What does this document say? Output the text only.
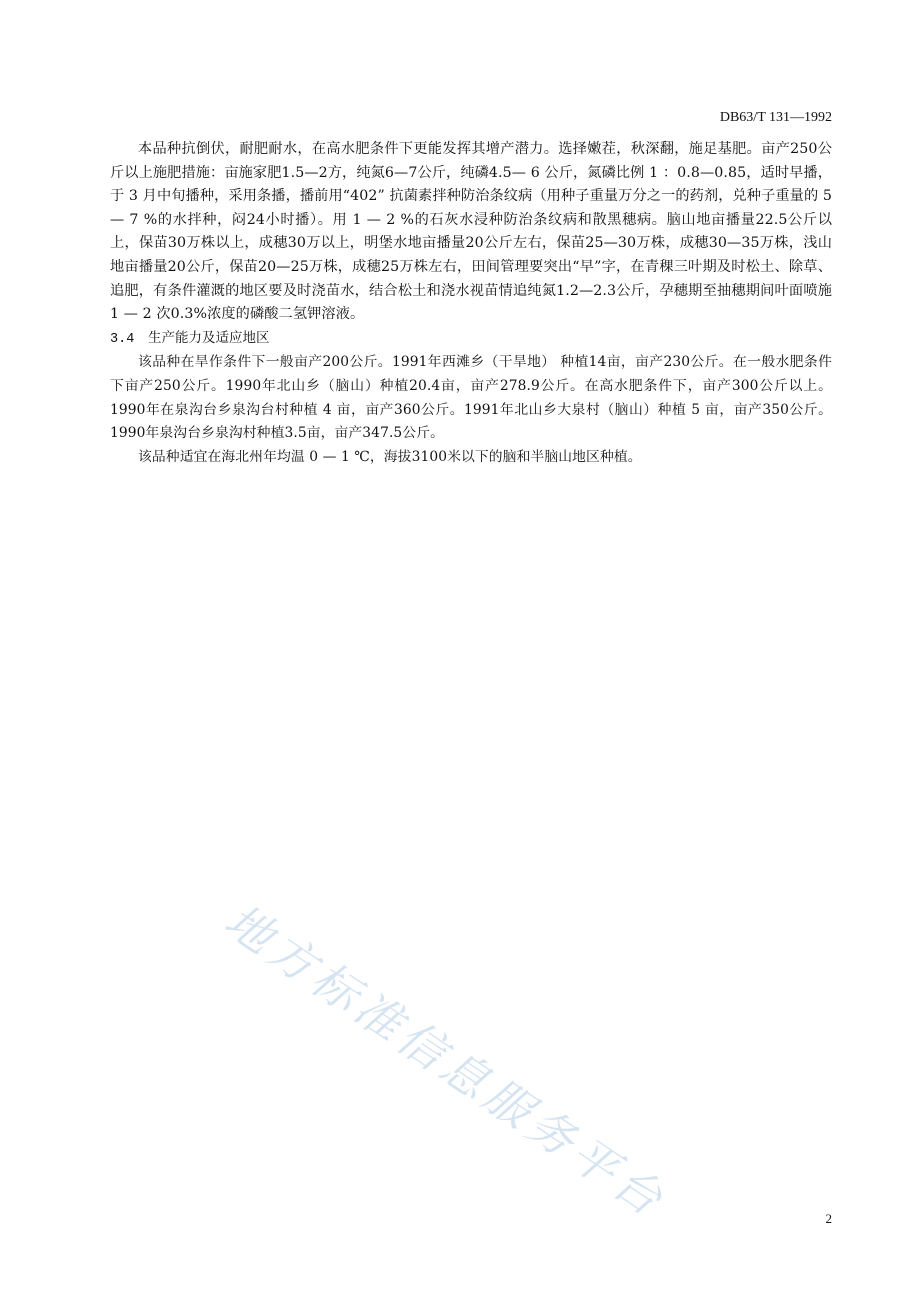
DB63/T 131—1992

本品种抗倒伏，耐肥耐水，在高水肥条件下更能发挥其增产潜力。选择嫩茬，秋深翻，施足基肥。亩产250公斤以上施肥措施：亩施家肥1.5—2方，纯氮6—7公斤，纯磷4.5— 6 公斤，氮磷比例 1 ：0.8—0.85，适时早播，于 3 月中旬播种，采用条播，播前用“402” 抗菌素拌种防治条纹病（用种子重量万分之一的药剂，兑种子重量的 5 — 7 %的水拌种，闷24小时播）。用 1 — 2 %的石灰水浸种防治条纹病和散黑穗病。脑山地亩播量22.5公斤以上，保苗30万株以上，成穗30万以上，明堡水地亩播量20公斤左右，保苗25—30万株，成穗30—35万株，浅山地亩播量20公斤，保苗20—25万株，成穗25万株左右，田间管理要突出“早”字，在青稞三叶期及时松土、除草、追肥，有条件灌溉的地区要及时浇苗水，结合松土和浇水视苗情追纯氮1.2—2.3公斤，孕穗期至抽穗期间叶面喷施 1 — 2 次0.3%浓度的磷酸二氢钾溶液。

3.4 生产能力及适应地区

该品种在旱作条件下一般亩产200公斤。1991年西滩乡（干旱地） 种植14亩，亩产230公斤。在一般水肥条件下亩产250公斤。1990年北山乡（脑山）种植20.4亩，亩产278.9公斤。在高水肥条件下，亩产300公斤以上。1990年在泉沟台乡泉沟台村种植 4 亩，亩产360公斤。1991年北山乡大泉村（脑山）种植 5 亩，亩产350公斤。1990年泉沟台乡泉沟村种植3.5亩，亩产347.5公斤。

该品种适宜在海北州年均温 0 — 1 ℃，海拔3100米以下的脑和半脑山地区种植。

地方标准信息服务平台	2
